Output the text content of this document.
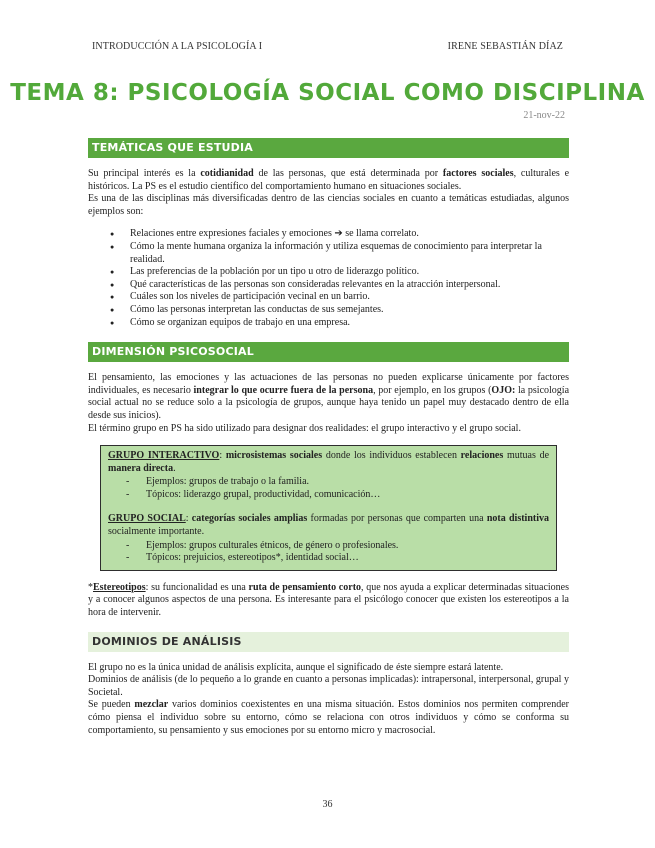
INTRODUCCIÓN A LA PSICOLOGÍA I	IRENE SEBASTIÁN DÍAZ
TEMA 8: PSICOLOGÍA SOCIAL COMO DISCIPLINA
21-nov-22
TEMÁTICAS QUE ESTUDIA

Su principal interés es la cotidianidad de las personas, que está determinada por factores sociales, culturales e históricos. La PS es el estudio científico del comportamiento humano en situaciones sociales.

Es una de las disciplinas más diversificadas dentro de las ciencias sociales en cuanto a temáticas estudiadas, algunos ejemplos son:

● Relaciones entre expresiones faciales y emociones ➔ se llama correlato.
● Cómo la mente humana organiza la información y utiliza esquemas de conocimiento para interpretar la realidad.
● Las preferencias de la población por un tipo u otro de liderazgo político.
● Qué características de las personas son consideradas relevantes en la atracción interpersonal.
● Cuáles son los niveles de participación vecinal en un barrio.
● Cómo las personas interpretan las conductas de sus semejantes.
● Cómo se organizan equipos de trabajo en una empresa.
DIMENSIÓN PSICOSOCIAL

El pensamiento, las emociones y las actuaciones de las personas no pueden explicarse únicamente por factores individuales, es necesario integrar lo que ocurre fuera de la persona, por ejemplo, en los grupos (OJO: la psicología social actual no se reduce solo a la psicología de grupos, aunque haya tenido un papel muy destacado dentro de ella desde sus inicios).

El término grupo en PS ha sido utilizado para designar dos realidades: el grupo interactivo y el grupo social.

GRUPO INTERACTIVO: microsistemas sociales donde los individuos establecen relaciones mutuas de manera directa.

- Ejemplos: grupos de trabajo o la familia.
- Tópicos: liderazgo grupal, productividad, comunicación…

GRUPO SOCIAL: categorías sociales amplias formadas por personas que comparten una nota distintiva socialmente importante.

- Ejemplos: grupos culturales étnicos, de género o profesionales.
- Tópicos: prejuicios, estereotipos*, identidad social…

*Estereotipos: su funcionalidad es una ruta de pensamiento corto, que nos ayuda a explicar determinadas situaciones y a conocer algunos aspectos de una persona. Es interesante para el psicólogo conocer que existen los estereotipos a la hora de intervenir.

DOMINIOS DE ANÁLISIS

El grupo no es la única unidad de análisis explícita, aunque el significado de éste siempre estará latente.

Dominios de análisis (de lo pequeño a lo grande en cuanto a personas implicadas): intrapersonal, interpersonal, grupal y Societal.

Se pueden mezclar varios dominios coexistentes en una misma situación. Estos dominios nos permiten comprender cómo piensa el individuo sobre su entorno, cómo se relaciona con otros individuos y cómo se conforma su comportamiento, su pensamiento y sus emociones por su entorno micro y macrosocial.

36
